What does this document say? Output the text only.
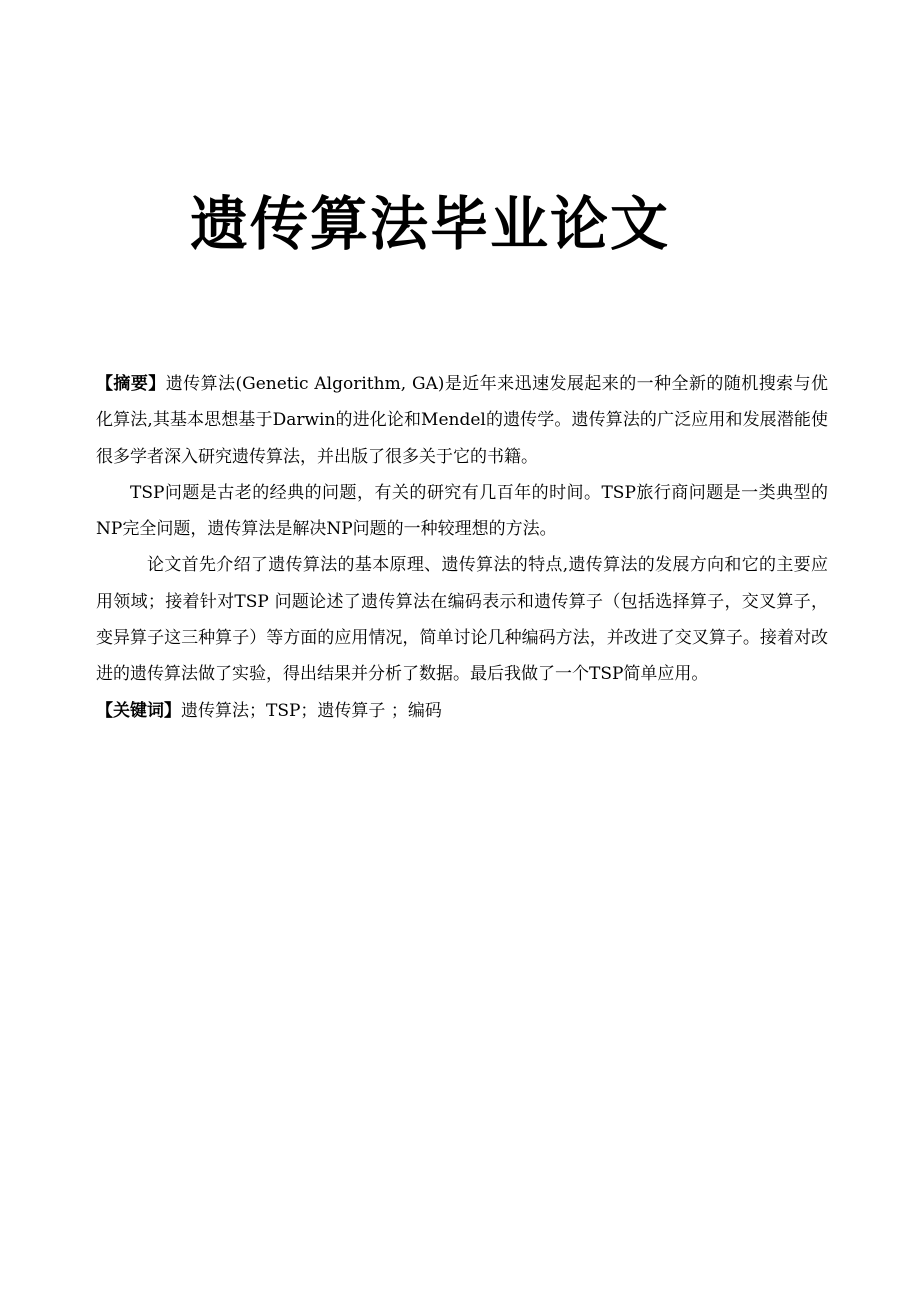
遗传算法毕业论文

【摘要】遗传算法(Genetic Algorithm, GA)是近年来迅速发展起来的一种全新的随机搜索与优化算法,其基本思想基于Darwin的进化论和Mendel的遗传学。遗传算法的广泛应用和发展潜能使很多学者深入研究遗传算法，并出版了很多关于它的书籍。

TSP问题是古老的经典的问题，有关的研究有几百年的时间。TSP旅行商问题是一类典型的NP完全问题，遗传算法是解决NP问题的一种较理想的方法。

论文首先介绍了遗传算法的基本原理、遗传算法的特点,遗传算法的发展方向和它的主要应用领域；接着针对TSP 问题论述了遗传算法在编码表示和遗传算子（包括选择算子，交叉算子，变异算子这三种算子）等方面的应用情况，简单讨论几种编码方法，并改进了交叉算子。接着对改进的遗传算法做了实验，得出结果并分析了数据。最后我做了一个TSP简单应用。

【关键词】遗传算法；TSP；遗传算子 ；编码
